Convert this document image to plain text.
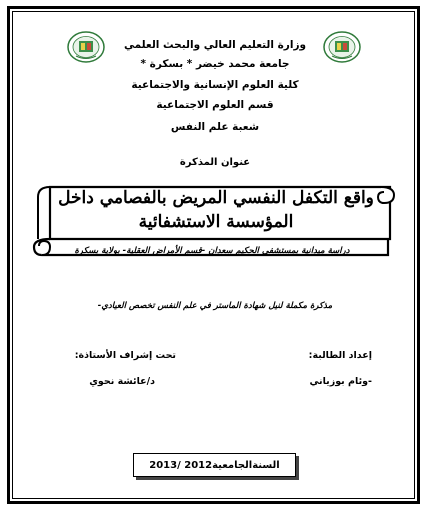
وزارة التعليم العالي والبحث العلمي
جامعة محمد خيضر * بسكرة *
كلية العلوم الإنسانية والاجتماعية
قسم العلوم الاجتماعية
شعبة علم النفس
عنوان المذكرة
واقع التكفل النفسي المريض بالفصامي داخل
المؤسسة الاستشفائية
دراسة ميدانية بمستشفى الحكيم سعدان -قسم الأمراض العقلية- بولاية بسكرة
مذكرة مكملة لنيل شهادة الماستر في علم النفس تخصص العيادي-
إعداد الطالبة:
تحت إشراف الأستاذة:
-وئام بوزياني
د/عائشة نحوي
السنةالجامعية2012 /2013
